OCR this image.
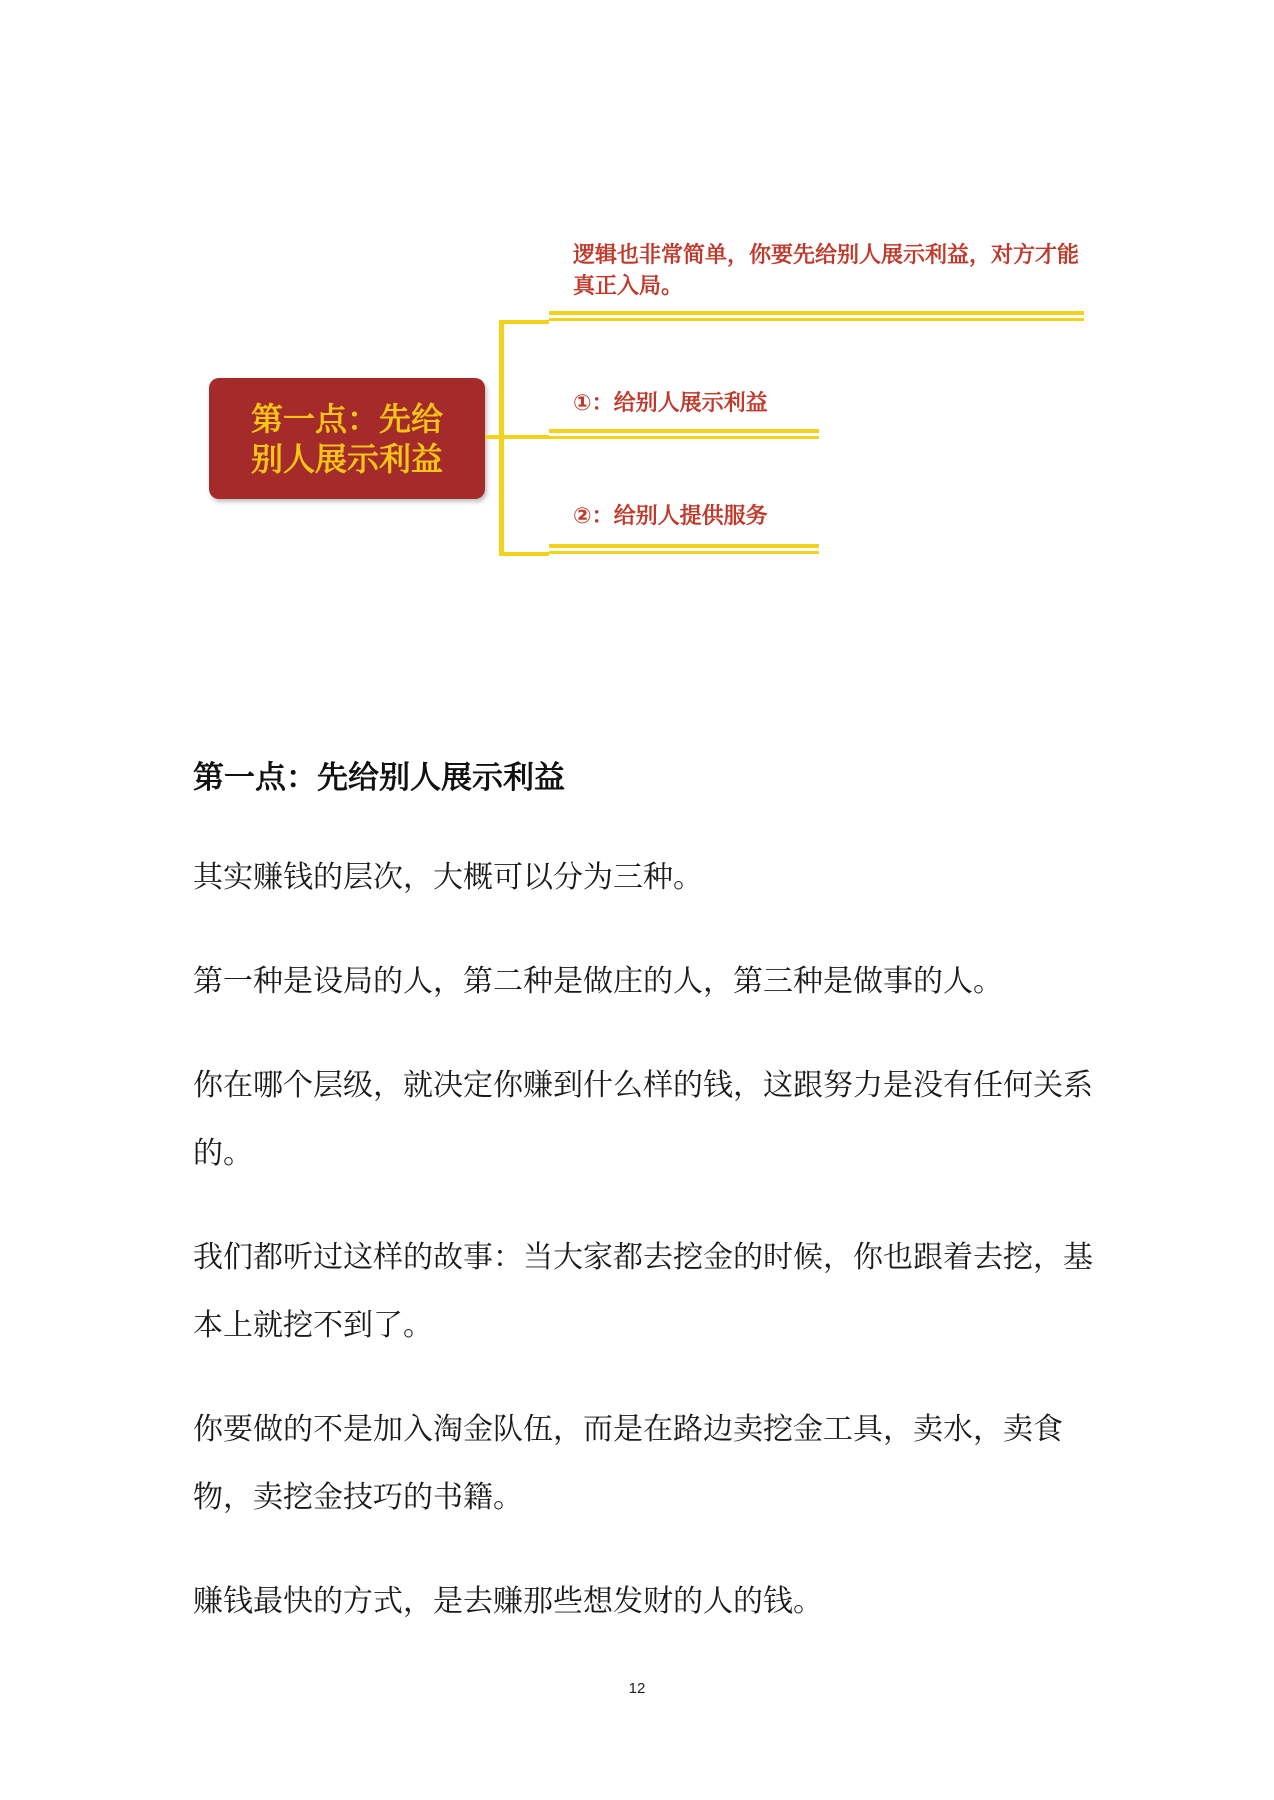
第一点：先给别人展示利益
逻辑也非常简单，你要先给别人展示利益，对方才能真正入局。
①：给别人展示利益
②：给别人提供服务
第一点：先给别人展示利益

其实赚钱的层次，大概可以分为三种。

第一种是设局的人，第二种是做庄的人，第三种是做事的人。

你在哪个层级，就决定你赚到什么样的钱，这跟努力是没有任何关系的。

我们都听过这样的故事：当大家都去挖金的时候，你也跟着去挖，基本上就挖不到了。

你要做的不是加入淘金队伍，而是在路边卖挖金工具，卖水，卖食物，卖挖金技巧的书籍。

赚钱最快的方式，是去赚那些想发财的人的钱。

12
